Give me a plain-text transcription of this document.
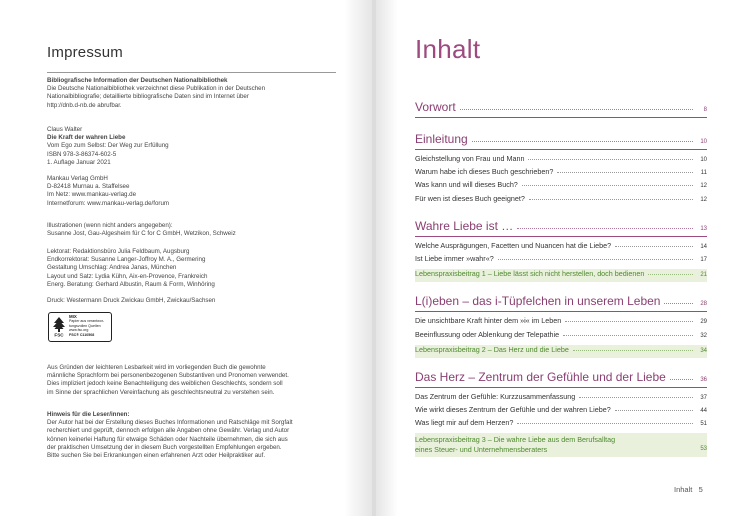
Impressum
Bibliografische Information der Deutschen Nationalbibliothek
Die Deutsche Nationalbibliothek verzeichnet diese Publikation in der Deutschen
Nationalbibliografie; detaillierte bibliografische Daten sind im Internet über
http://dnb.d-nb.de abrufbar.
Claus Walter
Die Kraft der wahren Liebe
Vom Ego zum Selbst: Der Weg zur Erfüllung
ISBN 978-3-86374-602-5
1. Auflage Januar 2021
Mankau Verlag GmbH
D-82418 Murnau a. Staffelsee
Im Netz: www.mankau-verlag.de
Internetforum: www.mankau-verlag.de/forum
Illustrationen (wenn nicht anders angegeben):
Susanne Jost, Gau-Algesheim für C for C GmbH, Wetzikon, Schweiz
Lektorat: Redaktionsbüro Julia Feldbaum, Augsburg
Endkorrektorat: Susanne Langer-Joffroy M. A., Germering
Gestaltung Umschlag: Andrea Janas, München
Layout und Satz: Lydia Kühn, Aix-en-Provence, Frankreich
Energ. Beratung: Gerhard Albustin, Raum & Form, Winhöring
Druck: Westermann Druck Zwickau GmbH, Zwickau/Sachsen
FSC
MIX
Papier aus verantwor-
tungsvollen Quellen
www.fsc.org
FSC® C110508
Aus Gründen der leichteren Lesbarkeit wird im vorliegenden Buch die gewohnte
männliche Sprachform bei personenbezogenen Substantiven und Pronomen verwendet.
Dies impliziert jedoch keine Benachteiligung des weiblichen Geschlechts, sondern soll
im Sinne der sprachlichen Vereinfachung als geschlechtsneutral zu verstehen sein.
Hinweis für die Leser/innen:
Der Autor hat bei der Erstellung dieses Buches Informationen und Ratschläge mit Sorgfalt
recherchiert und geprüft, dennoch erfolgen alle Angaben ohne Gewähr. Verlag und Autor
können keinerlei Haftung für etwaige Schäden oder Nachteile übernehmen, die sich aus
der praktischen Umsetzung der in diesem Buch vorgestellten Empfehlungen ergeben.
Bitte suchen Sie bei Erkrankungen einen erfahrenen Arzt oder Heilpraktiker auf.
Inhalt
Vorwort	8
Einleitung	10
Gleichstellung von Frau und Mann	10
Warum habe ich dieses Buch geschrieben?	11
Was kann und will dieses Buch?	12
Für wen ist dieses Buch geeignet?	12
Wahre Liebe ist …	13
Welche Ausprägungen, Facetten und Nuancen hat die Liebe?	14
Ist Liebe immer »wahr«?	17
Lebenspraxisbeitrag 1 – Liebe lässt sich nicht herstellen, doch bedienen	21
L(i)eben – das i-Tüpfelchen in unserem Leben	28
Die unsichtbare Kraft hinter dem »i« im Leben	29
Beeinflussung oder Ablenkung der Telepathie	32
Lebenspraxisbeitrag 2 – Das Herz und die Liebe	34
Das Herz – Zentrum der Gefühle und der Liebe	36
Das Zentrum der Gefühle: Kurzzusammenfassung	37
Wie wirkt dieses Zentrum der Gefühle und der wahren Liebe?	44
Was liegt mir auf dem Herzen?	51
Lebenspraxisbeitrag 3 – Die wahre Liebe aus dem Berufsalltag
eines Steuer- und Unternehmensberaters	53
Inhalt 5
